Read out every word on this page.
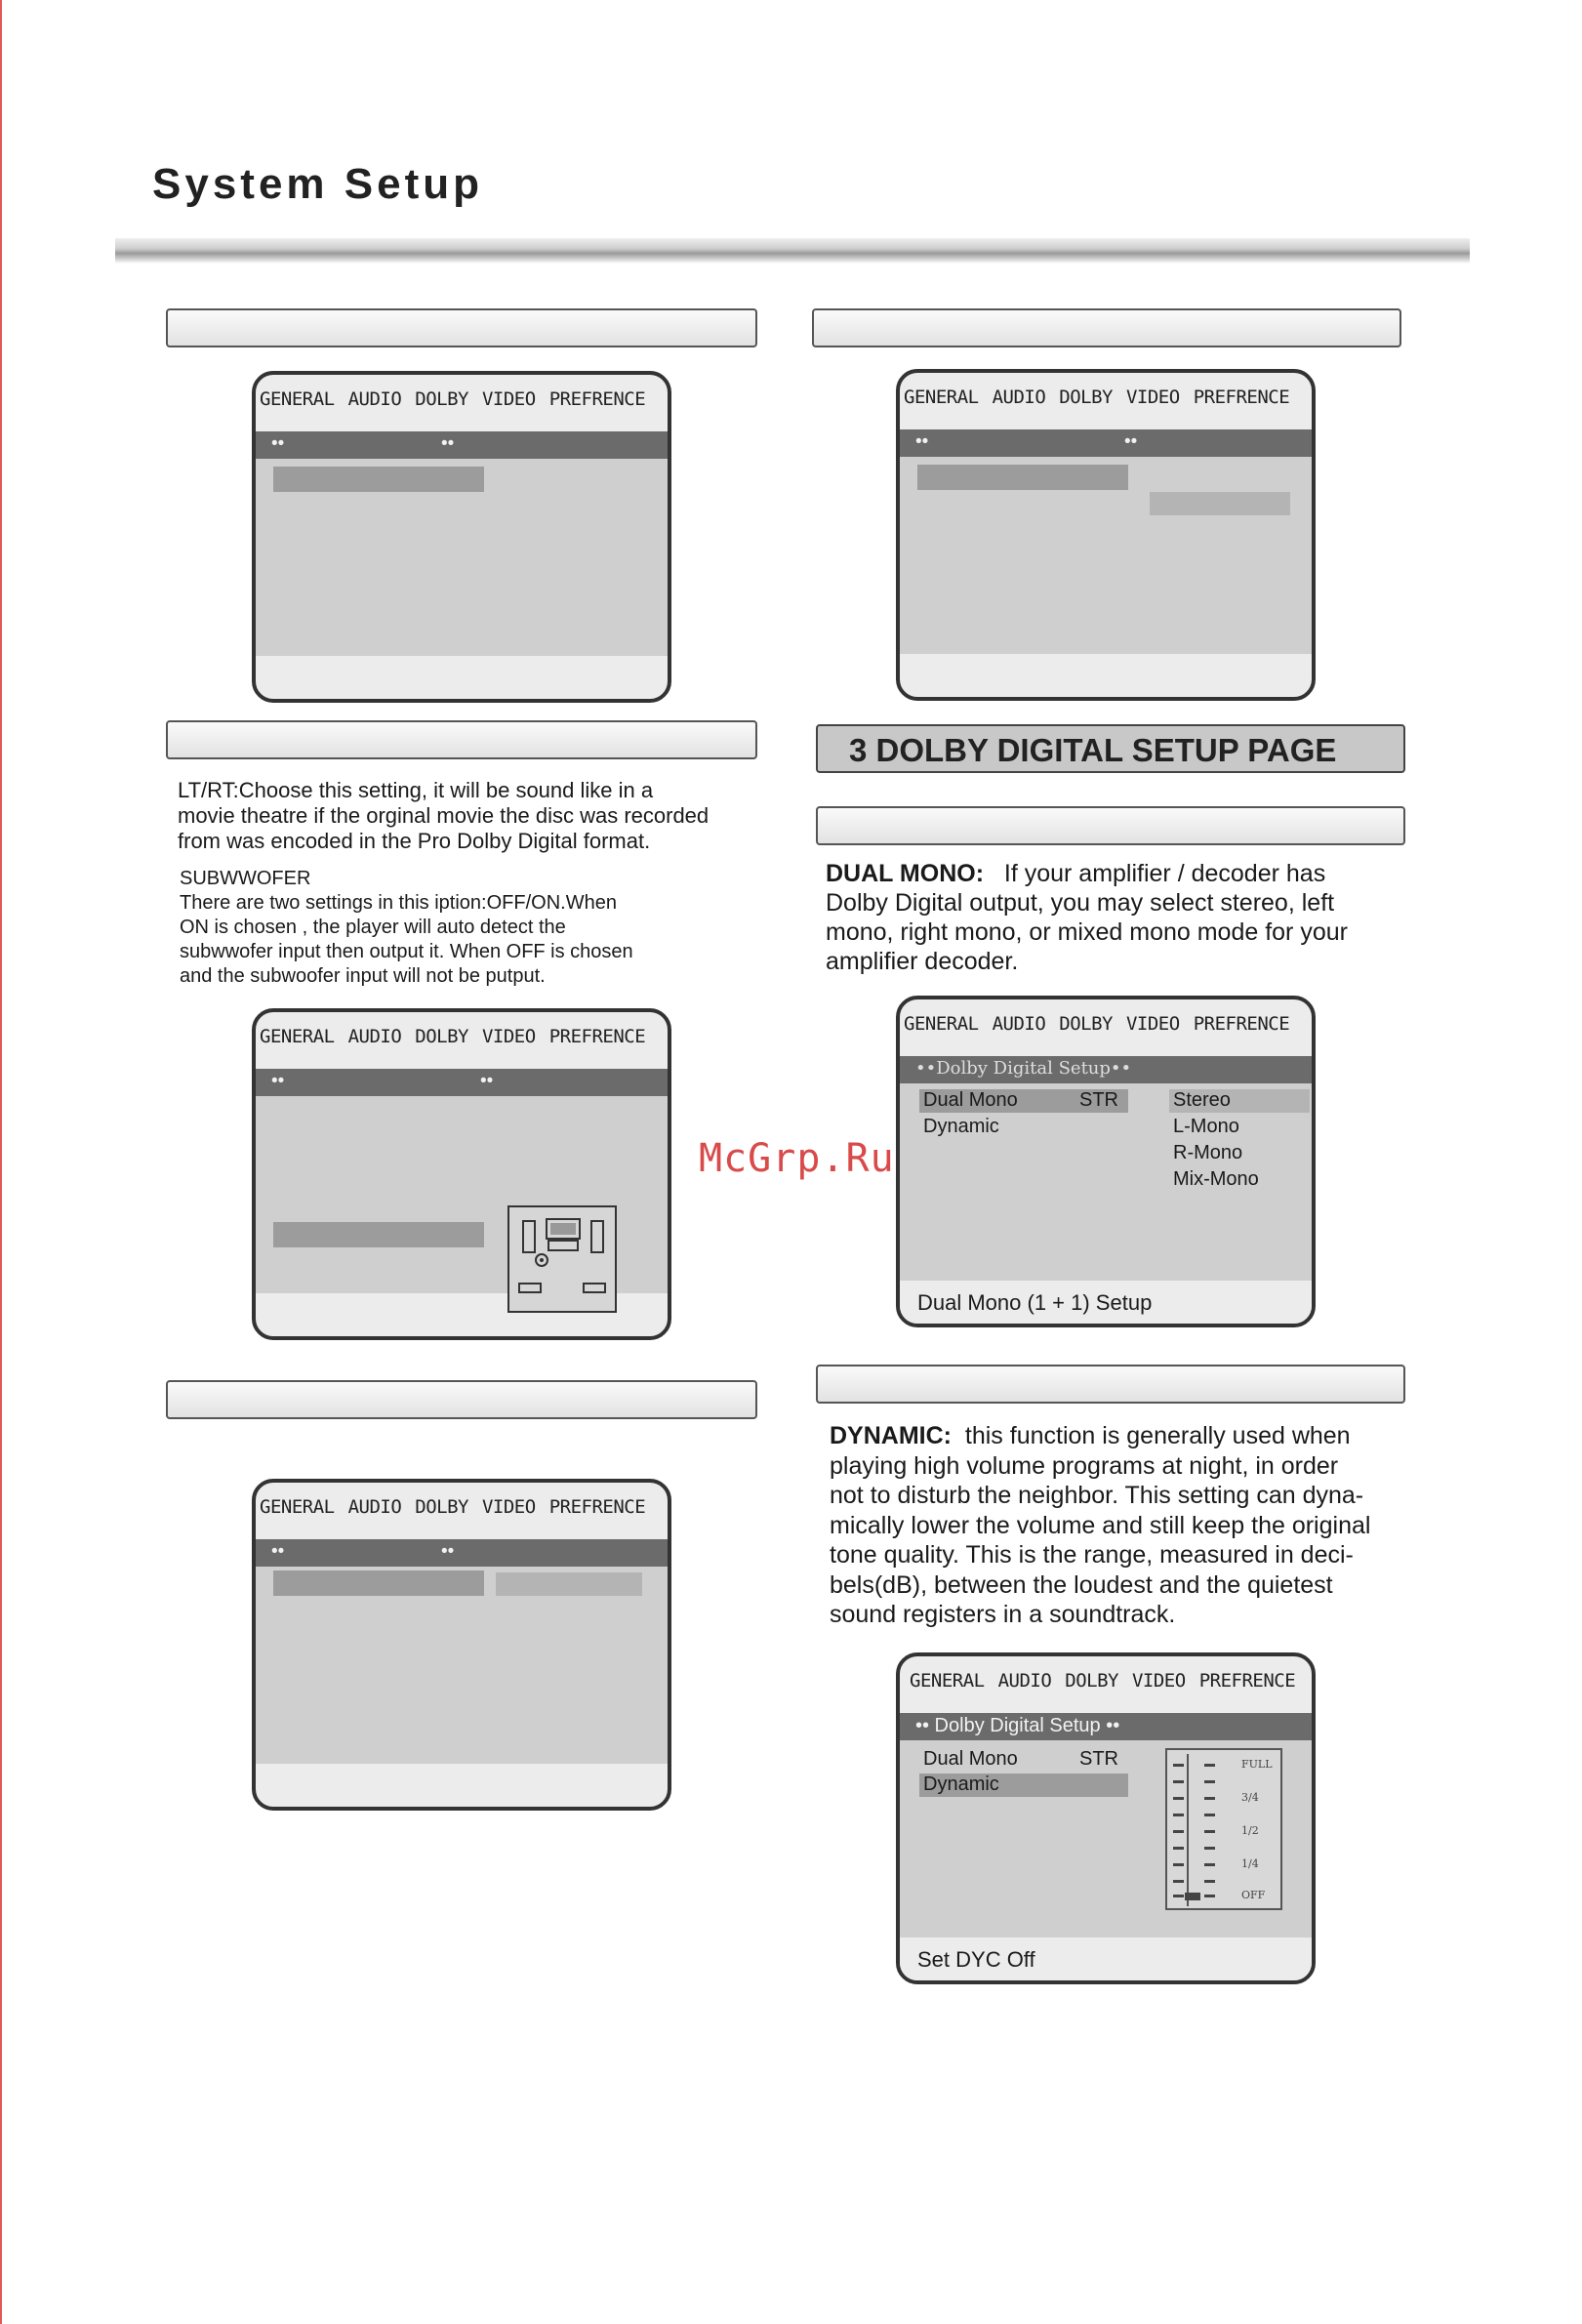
System Setup
GENERAL AUDIO DOLBY VIDEO PREFRENCE
••	••
LT/RT:Choose this setting, it will be sound like in a
movie theatre if the orginal movie the disc was recorded
from was encoded in the Pro Dolby Digital format.
SUBWWOFER
There are two settings in this iption:OFF/ON.When
ON is chosen , the player will auto detect the
subwwofer input then output it. When OFF is chosen
and the subwoofer input will not be putput.
GENERAL AUDIO DOLBY VIDEO PREFRENCE
••	••
GENERAL AUDIO DOLBY VIDEO PREFRENCE
••	••
GENERAL AUDIO DOLBY VIDEO PREFRENCE
••	••
3 DOLBY DIGITAL SETUP PAGE
DUAL MONO: If your amplifier / decoder has
Dolby Digital output, you may select stereo, left
mono, right mono, or mixed mono mode for your
amplifier decoder.
GENERAL AUDIO DOLBY VIDEO PREFRENCE
••Dolby Digital Setup••
Dual Mono	STR
Dynamic
Stereo
L-Mono
R-Mono
Mix-Mono
Dual Mono (1 + 1) Setup
DYNAMIC: this function is generally used when
playing high volume programs at night, in order
not to disturb the neighbor. This setting can dyna-
mically lower the volume and still keep the original
tone quality. This is the range, measured in deci-
bels(dB), between the loudest and the quietest
sound registers in a soundtrack.
GENERAL AUDIO DOLBY VIDEO PREFRENCE
•• Dolby Digital Setup ••
Dual Mono	STR
Dynamic
FULL
3/4
1/2
1/4
OFF
Set DYC Off
McGrp.Ru
